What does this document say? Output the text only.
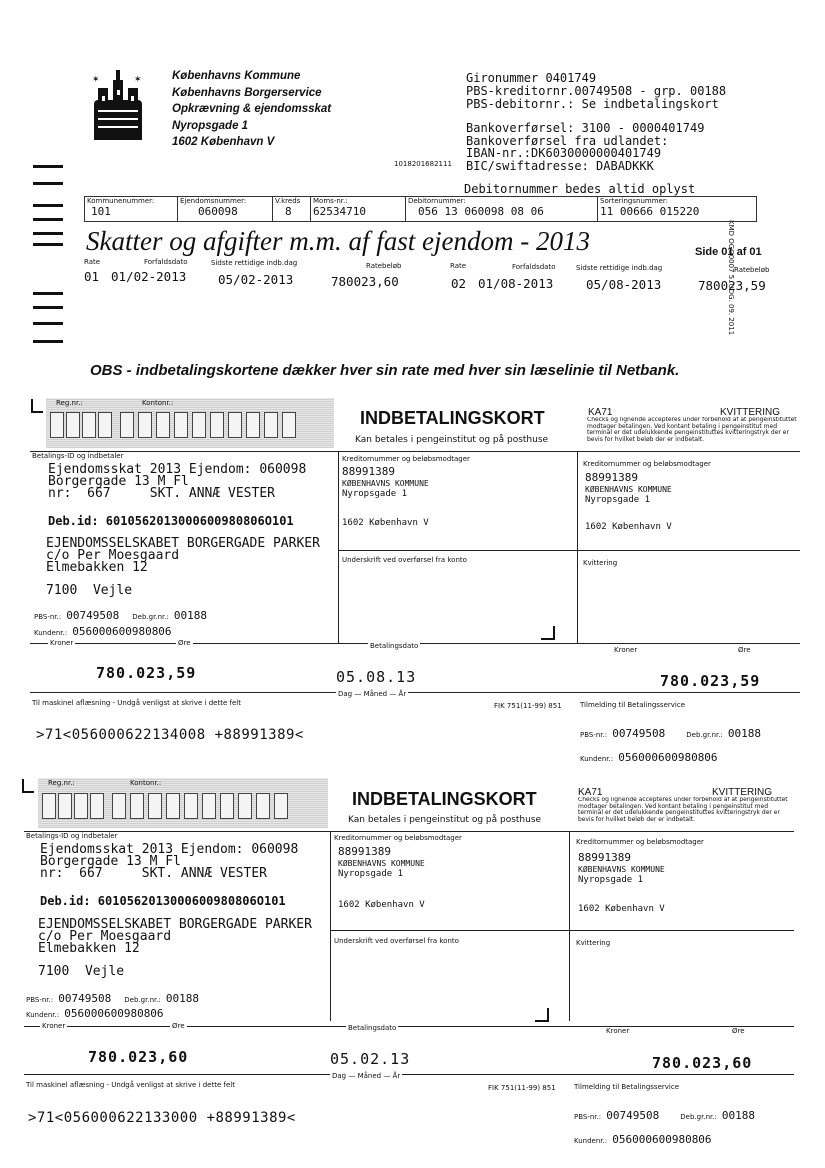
✶	✶	Københavns Kommune
Københavns Borgerservice
Opkrævning & ejendomsskat
Nyropsgade 1
1602 København V
Gironummer 0401749
PBS-kreditornr.00749508 - grp. 00188
PBS-debitornr.: Se indbetalingskort
Bankoverførsel: 3100 - 0000401749
Bankoverførsel fra udlandet:
IBAN-nr.:DK6030000000401749
BIC/swiftadresse: DABADKKK
1018201682111
Debitornummer bedes altid oplyst
KMD OGO0007 5. UDG. 09. 2011
Kommunenummer:
101
Ejendomsnummer:
060098
V.kreds
8
Moms-nr.:
62534710
Debitornummer:
056 13 060098 08 06
Sorteringsnummer:
11 00666 015220
Skatter og afgifter m.m. af fast ejendom - 2013	Side 01 af 01
Rate	Forfaldsdato	Sidste rettidige indb.dag	Ratebeløb
01 01/02-2013	05/02-2013	780023,60
Rate	Forfaldsdato	Sidste rettidige indb.dag	Ratebeløb
02 01/08-2013	05/08-2013	780023,59
OBS - indbetalingskortene dækker hver sin rate med hver sin læselinie til Netbank.
Reg.nr.:	Kontonr.:
INDBETALINGSKORT
Kan betales i pengeinstitut og på posthuse
KA71	KVITTERING
Checks og lignende accepteres under forbehold af at pengeinstituttet modtager betalingen. Ved kontant betaling i pengeinstitut med terminal er det udelukkende pengeinstituttes kvitteringstryk der er bevis for hvilket beløb der er indbetalt.
Betalings-ID og indbetaler	Kreditornummer og beløbsmodtager
Kreditornummer og beløbsmodtager
Ejendomsskat 2013 Ejendom: 060098
Borgergade 13 M Fl
nr:  667     SKT. ANNÆ VESTER
Deb.id: 6010562013000600980806O101
EJENDOMSSELSKABET BORGERGADE PARKER
c/o Per Moesgaard
Elmebakken 12
7100  Vejle
PBS-nr.: 00749508 Deb.gr.nr.: 00188
Kundenr.: 056000600980806
88991389
KØBENHAVNS KOMMUNE
Nyropsgade 1
1602 København V
88991389
KØBENHAVNS KOMMUNE
Nyropsgade 1
1602 København V
Underskrift ved overførsel fra konto	Kvittering
Kroner	Øre	Betalingsdato	Kroner	Øre
780.023,59	05.08.13	780.023,59
Dag — Måned — År
Til maskinel aflæsning - Undgå venligst at skrive i dette felt	FIK 751(11-99) 851	Tilmelding til Betalingsservice
>71<056000622134008 +88991389<	PBS-nr.: 00749508	Deb.gr.nr.: 00188
Kundenr.: 056000600980806
Reg.nr.:	Kontonr.:
INDBETALINGSKORT
Kan betales i pengeinstitut og på posthuse
KA71	KVITTERING
Checks og lignende accepteres under forbehold af at pengeinstituttet modtager betalingen. Ved kontant betaling i pengeinstitut med terminal er det udelukkende pengeinstituttes kvitteringstryk der er bevis for hvilket beløb der er indbetalt.
Betalings-ID og indbetaler	Kreditornummer og beløbsmodtager	Kreditornummer og beløbsmodtager
Ejendomsskat 2013 Ejendom: 060098
Borgergade 13 M Fl
nr:  667     SKT. ANNÆ VESTER
Deb.id: 6010562013000600980806O101
EJENDOMSSELSKABET BORGERGADE PARKER
c/o Per Moesgaard
Elmebakken 12
7100  Vejle
PBS-nr.: 00749508 Deb.gr.nr.: 00188
Kundenr.: 056000600980806
88991389
KØBENHAVNS KOMMUNE
Nyropsgade 1
1602 København V
88991389
KØBENHAVNS KOMMUNE
Nyropsgade 1
1602 København V
Underskrift ved overførsel fra konto	Kvittering
Kroner	Øre	Betalingsdato	Kroner	Øre
780.023,60	05.02.13	780.023,60
Dag — Måned — År
Til maskinel aflæsning - Undgå venligst at skrive i dette felt	FIK 751(11-99) 851	Tilmelding til Betalingsservice
>71<056000622133000 +88991389<	PBS-nr.: 00749508	Deb.gr.nr.: 00188
Kundenr.: 056000600980806
